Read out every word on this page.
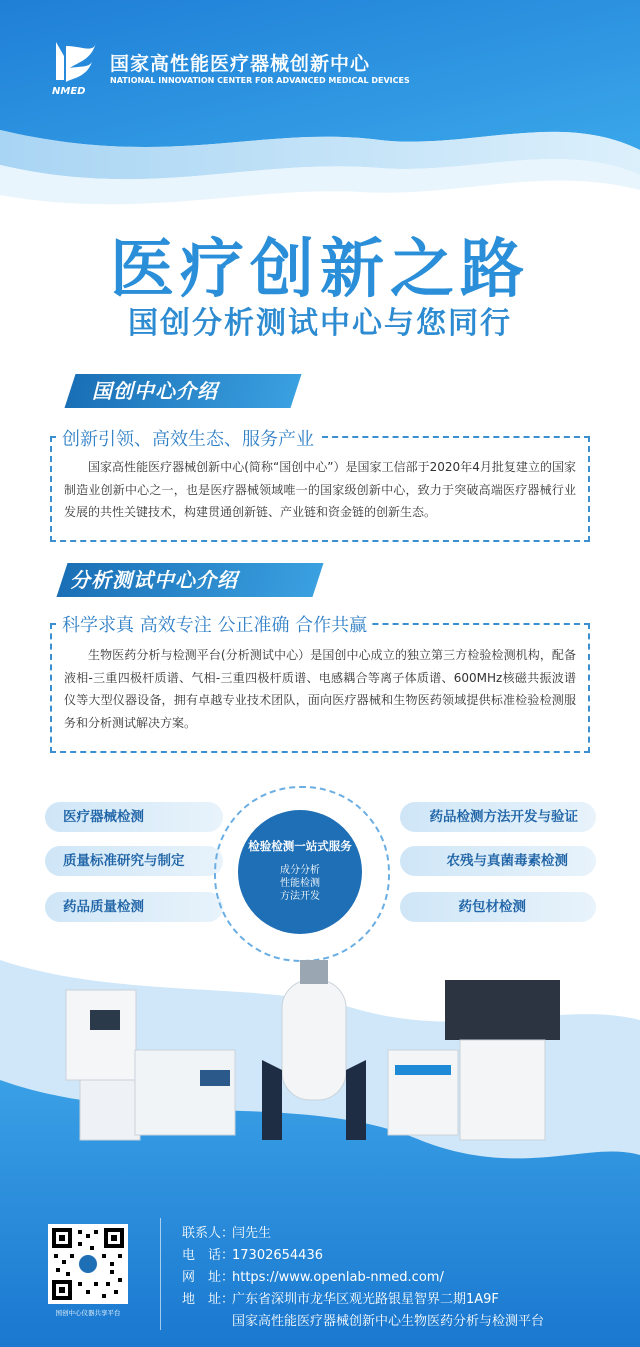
NMED
国家高性能医疗器械创新中心
NATIONAL INNOVATION CENTER FOR ADVANCED MEDICAL DEVICES
医疗创新之路
国创分析测试中心与您同行
国创中心介绍
创新引领、高效生态、服务产业
国家高性能医疗器械创新中心(简称“国创中心”）是国家工信部于2020年4月批复建立的国家制造业创新中心之一，也是医疗器械领域唯一的国家级创新中心，致力于突破高端医疗器械行业发展的共性关键技术，构建贯通创新链、产业链和资金链的创新生态。
分析测试中心介绍
科学求真 高效专注 公正准确 合作共赢
生物医药分析与检测平台(分析测试中心）是国创中心成立的独立第三方检验检测机构，配备液相-三重四极杆质谱、气相-三重四极杆质谱、电感耦合等离子体质谱、600MHz核磁共振波谱仪等大型仪器设备，拥有卓越专业技术团队，面向医疗器械和生物医药领域提供标准检验检测服务和分析测试解决方案。
医疗器械检测
质量标准研究与制定
药品质量检测
药品检测方法开发与验证
农残与真菌毒素检测
药包材检测
检验检测一站式服务
成分分析
性能检测
方法开发
国创中心仪器共享平台
联系人：闫先生
电　话：17302654436
网　址：https://www.openlab-nmed.com/
地　址：广东省深圳市龙华区观光路银星智界二期1A9F
国家高性能医疗器械创新中心生物医药分析与检测平台
